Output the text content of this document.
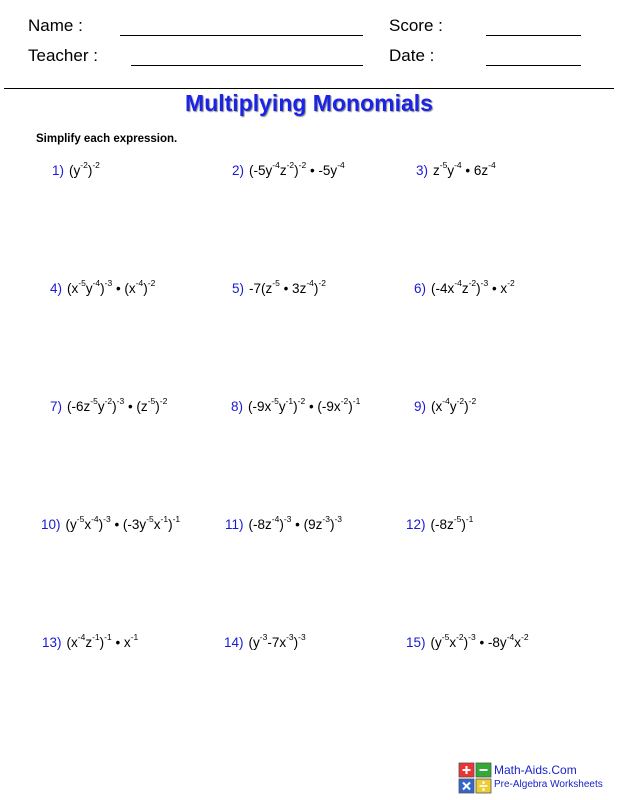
Name :	Score :
Teacher :	Date :
Multiplying Monomials
Simplify each expression.
1) $(y^{-2})^{-2}$	2) $(-5y^{-4}z^{-2})^{-2}$ • $-5y^{-4}$	3) $z^{-5}y^{-4}$ • $6z^{-4}$
4) $(x^{-5}y^{-4})^{-3}$ • $(x^{-4})^{-2}$	5) $-7(z^{-5}$ • $3z^{-4})^{-2}$	6) $(-4x^{-4}z^{-2})^{-3}$ • $x^{-2}$
7) $(-6z^{-5}y^{-2})^{-3}$ • $(z^{-5})^{-2}$	8) $(-9x^{-5}y^{-1})^{-2}$ • $(-9x^{-2})^{-1}$	9) $(x^{-4}y^{-2})^{-2}$
10) $(y^{-5}x^{-4})^{-3}$ • $(-3y^{-5}x^{-1})^{-1}$	11) $(-8z^{-4})^{-3}$ • $(9z^{-3})^{-3}$	12) $(-8z^{-5})^{-1}$
13) $(x^{-4}z^{-1})^{-1}$ • $x^{-1}$	14) $(y^{-3}-7x^{-3})^{-3}$	15) $(y^{-5}x^{-2})^{-3}$ • $-8y^{-4}x^{-2}$
Math-Aids.Com
Pre-Algebra Worksheets
